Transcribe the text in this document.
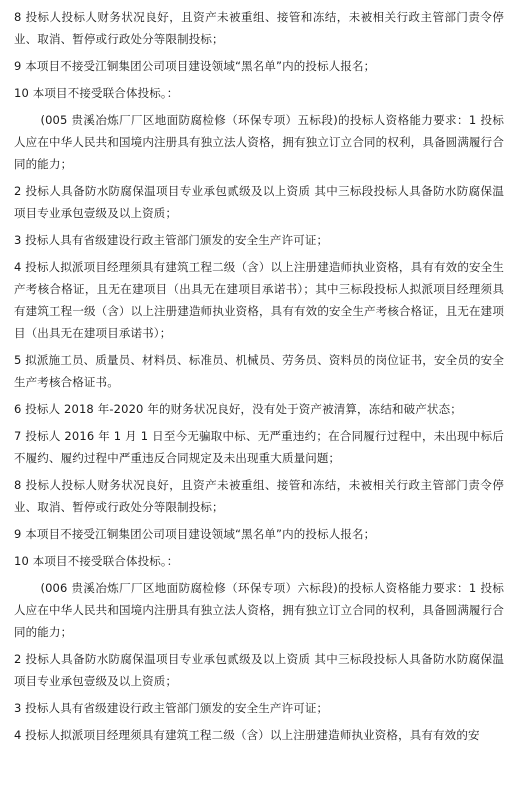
8 投标人投标人财务状况良好，且资产未被重组、接管和冻结，未被相关行政主管部门责令停业、取消、暂停或行政处分等限制投标；

9 本项目不接受江铜集团公司项目建设领域“黑名单”内的投标人报名；

10 本项目不接受联合体投标。：

(005 贵溪冶炼厂厂区地面防腐检修（环保专项）五标段)的投标人资格能力要求：1 投标人应在中华人民共和国境内注册具有独立法人资格，拥有独立订立合同的权利，具备圆满履行合同的能力；

2 投标人具备防水防腐保温项目专业承包贰级及以上资质 其中三标段投标人具备防水防腐保温项目专业承包壹级及以上资质；

3 投标人具有省级建设行政主管部门颁发的安全生产许可证；

4 投标人拟派项目经理须具有建筑工程二级（含）以上注册建造师执业资格，具有有效的安全生产考核合格证，且无在建项目（出具无在建项目承诺书）；其中三标段投标人拟派项目经理须具有建筑工程一级（含）以上注册建造师执业资格，具有有效的安全生产考核合格证，且无在建项目（出具无在建项目承诺书）；

5 拟派施工员、质量员、材料员、标准员、机械员、劳务员、资料员的岗位证书，安全员的安全生产考核合格证书。

6 投标人 2018 年-2020 年的财务状况良好，没有处于资产被清算，冻结和破产状态；

7 投标人 2016 年 1 月 1 日至今无骗取中标、无严重违约；在合同履行过程中，未出现中标后不履约、履约过程中严重违反合同规定及未出现重大质量问题；

8 投标人投标人财务状况良好，且资产未被重组、接管和冻结，未被相关行政主管部门责令停业、取消、暂停或行政处分等限制投标；

9 本项目不接受江铜集团公司项目建设领域“黑名单”内的投标人报名；

10 本项目不接受联合体投标。：

(006 贵溪冶炼厂厂区地面防腐检修（环保专项）六标段)的投标人资格能力要求：1 投标人应在中华人民共和国境内注册具有独立法人资格，拥有独立订立合同的权利，具备圆满履行合同的能力；

2 投标人具备防水防腐保温项目专业承包贰级及以上资质 其中三标段投标人具备防水防腐保温项目专业承包壹级及以上资质；

3 投标人具有省级建设行政主管部门颁发的安全生产许可证；

4 投标人拟派项目经理须具有建筑工程二级（含）以上注册建造师执业资格，具有有效的安
